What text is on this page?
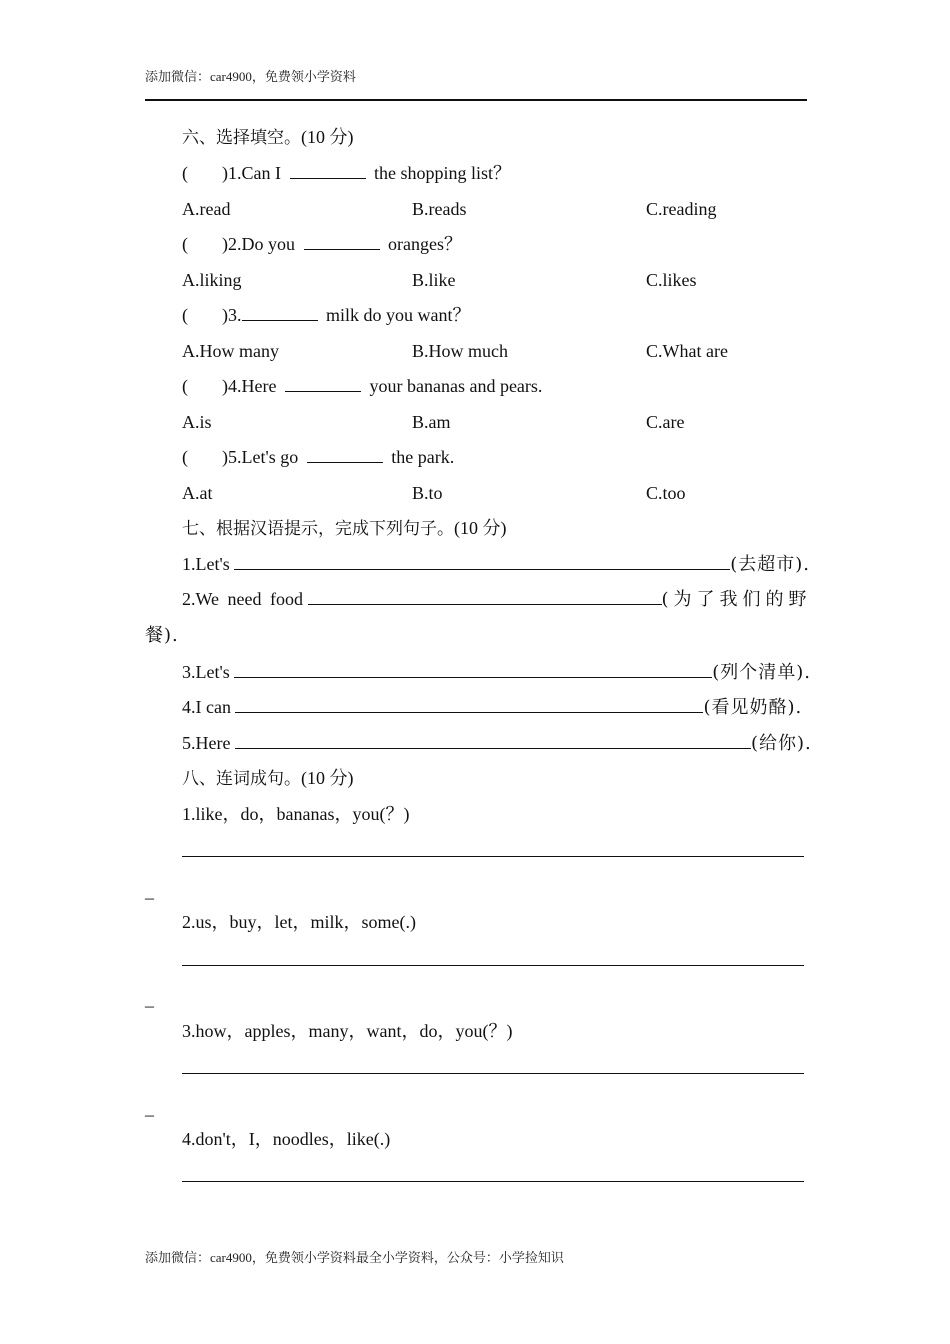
添加微信：car4900，免费领小学资料
六、选择填空。(10 分)
( )1.Can I	the shopping list？
A.read	B.reads	C.reading
( )2.Do you	oranges？
A.liking	B.like	C.likes
( )3.	milk do you want？
A.How many	B.How much	C.What are
( )4.Here	your bananas and pears.
A.is	B.am	C.are
( )5.Let's go	the park.
A.at	B.to	C.too
七、根据汉语提示，完成下列句子。(10 分)
1.Let's	(去超市).
2.We need food	(为了我们的野
餐).
3.Let's	(列个清单).
4.I can	(看见奶酪).
5.Here	(给你).
八、连词成句。(10 分)
1.like，do，bananas，you(？)
_
2.us，buy，let，milk，some(.)
_
3.how，apples，many，want，do，you(？)
_
4.don't，I，noodles，like(.)
添加微信：car4900，免费领小学资料最全小学资料，公众号：小学捡知识
